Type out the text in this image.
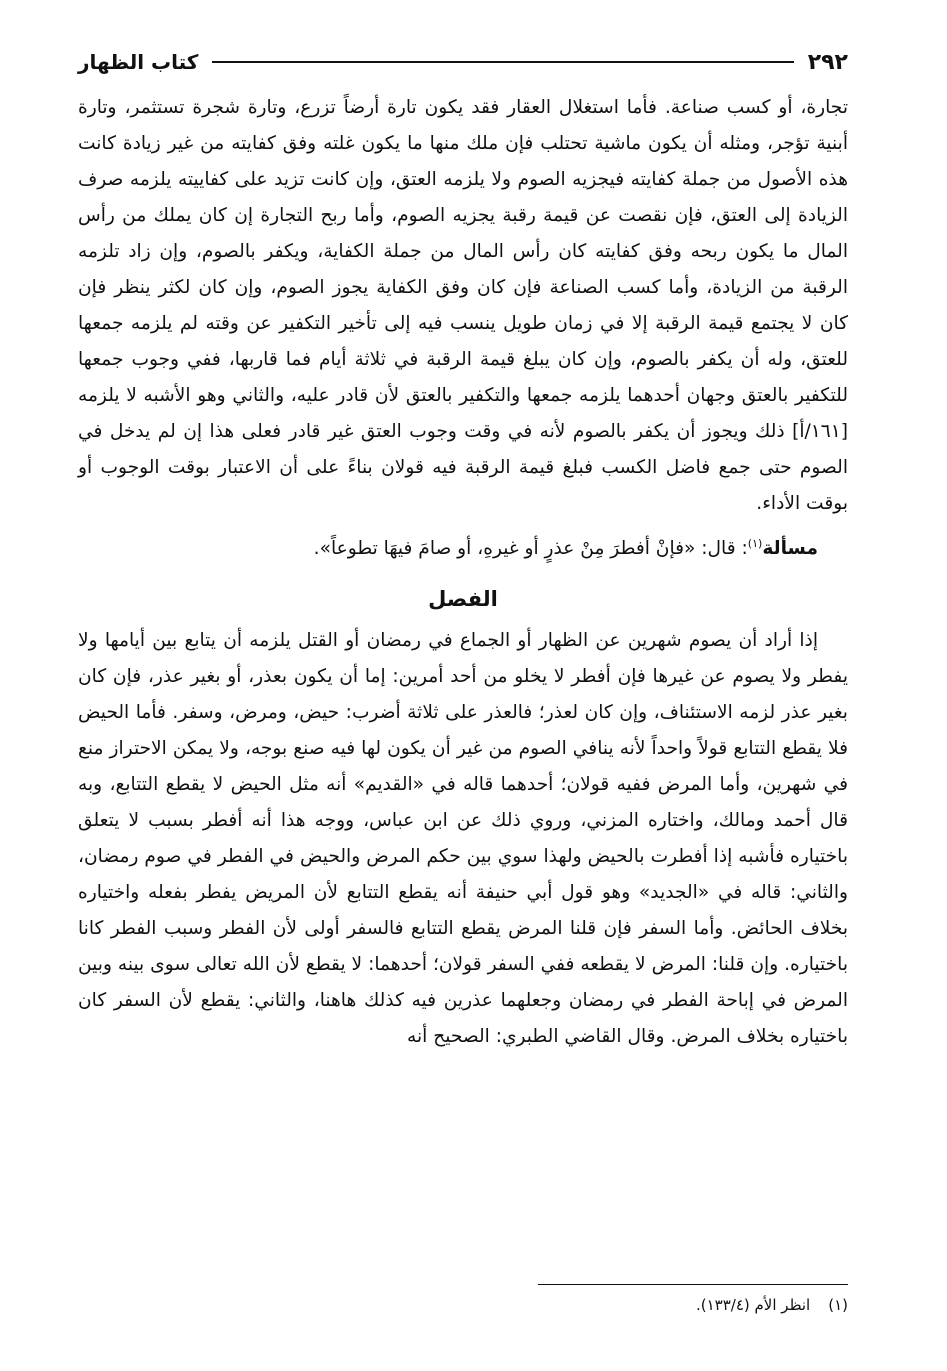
٢٩٢
كتاب الظهار

تجارة، أو كسب صناعة. فأما استغلال العقار فقد يكون تارة أرضاً تزرع، وتارة شجرة تستثمر، وتارة أبنية تؤجر، ومثله أن يكون ماشية تحتلب فإن ملك منها ما يكون غلته وفق كفايته من غير زيادة كانت هذه الأصول من جملة كفايته فيجزيه الصوم ولا يلزمه العتق، وإن كانت تزيد على كفاييته يلزمه صرف الزيادة إلى العتق، فإن نقصت عن قيمة رقبة يجزيه الصوم، وأما ربح التجارة إن كان يملك من رأس المال ما يكون ربحه وفق كفايته كان رأس المال من جملة الكفاية، ويكفر بالصوم، وإن زاد تلزمه الرقبة من الزيادة، وأما كسب الصناعة فإن كان وفق الكفاية يجوز الصوم، وإن كان لكثر ينظر فإن كان لا يجتمع قيمة الرقبة إلا في زمان طويل ينسب فيه إلى تأخير التكفير عن وقته لم يلزمه جمعها للعتق، وله أن يكفر بالصوم، وإن كان يبلغ قيمة الرقبة في ثلاثة أيام فما قاربها، ففي وجوب جمعها للتكفير بالعتق وجهان أحدهما يلزمه جمعها والتكفير بالعتق لأن قادر عليه، والثاني وهو الأشبه لا يلزمه [١٦١/أ] ذلك ويجوز أن يكفر بالصوم لأنه في وقت وجوب العتق غير قادر فعلى هذا إن لم يدخل في الصوم حتى جمع فاضل الكسب فبلغ قيمة الرقبة فيه قولان بناءً على أن الاعتبار بوقت الوجوب أو بوقت الأداء.

مسألة$^{(١)}$: قال: «فإنْ أفطرَ مِنْ عذرٍ أو غيرهِ، أو صامَ فيهَا تطوعاً».

الفصل

إذا أراد أن يصوم شهرين عن الظهار أو الجماع في رمضان أو القتل يلزمه أن يتابع بين أيامها ولا يفطر ولا يصوم عن غيرها فإن أفطر لا يخلو من أحد أمرين: إما أن يكون بعذر، أو بغير عذر، فإن كان بغير عذر لزمه الاستئناف، وإن كان لعذر؛ فالعذر على ثلاثة أضرب: حيض، ومرض، وسفر. فأما الحيض فلا يقطع التتابع قولاً واحداً لأنه ينافي الصوم من غير أن يكون لها فيه صنع بوجه، ولا يمكن الاحتراز منع في شهرين، وأما المرض ففيه قولان؛ أحدهما قاله في «القديم» أنه مثل الحيض لا يقطع التتابع، وبه قال أحمد ومالك، واختاره المزني، وروي ذلك عن ابن عباس، ووجه هذا أنه أفطر بسبب لا يتعلق باختياره فأشبه إذا أفطرت بالحيض ولهذا سوي بين حكم المرض والحيض في الفطر في صوم رمضان، والثاني: قاله في «الجديد» وهو قول أبي حنيفة أنه يقطع التتابع لأن المريض يفطر بفعله واختياره بخلاف الحائض. وأما السفر فإن قلنا المرض يقطع التتابع فالسفر أولى لأن الفطر وسبب الفطر كانا باختياره. وإن قلنا: المرض لا يقطعه ففي السفر قولان؛ أحدهما: لا يقطع لأن الله تعالى سوى بينه وبين المرض في إباحة الفطر في رمضان وجعلهما عذرين فيه كذلك هاهنا، والثاني: يقطع لأن السفر كان باختياره بخلاف المرض. وقال القاضي الطبري: الصحيح أنه

(١)انظر الأم (١٣٣/٤).
